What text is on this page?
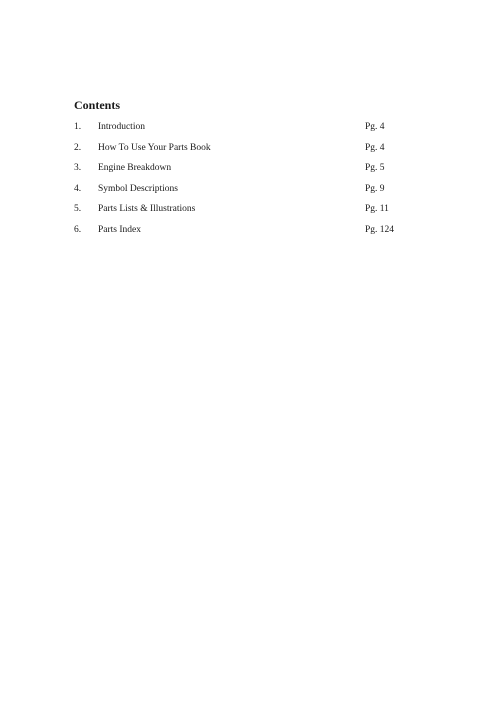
Contents
1. Introduction	Pg. 4
2. How To Use Your Parts Book	Pg. 4
3. Engine Breakdown	Pg. 5
4. Symbol Descriptions	Pg. 9
5. Parts Lists & Illustrations	Pg. 11
6. Parts Index	Pg. 124
